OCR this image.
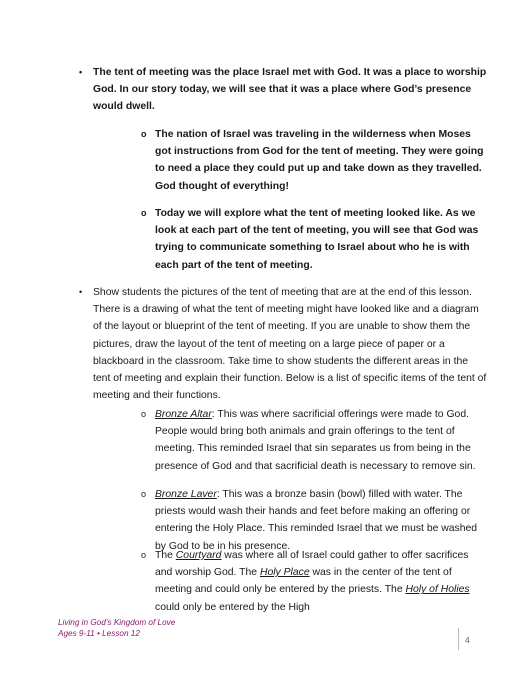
• The tent of meeting was the place Israel met with God. It was a place to worship God. In our story today, we will see that it was a place where God’s presence would dwell.
o The nation of Israel was traveling in the wilderness when Moses got instructions from God for the tent of meeting. They were going to need a place they could put up and take down as they travelled. God thought of everything!
o Today we will explore what the tent of meeting looked like. As we look at each part of the tent of meeting, you will see that God was trying to communicate something to Israel about who he is with each part of the tent of meeting.
• Show students the pictures of the tent of meeting that are at the end of this lesson. There is a drawing of what the tent of meeting might have looked like and a diagram of the layout or blueprint of the tent of meeting. If you are unable to show them the pictures, draw the layout of the tent of meeting on a large piece of paper or a blackboard in the classroom. Take time to show students the different areas in the tent of meeting and explain their function. Below is a list of specific items of the tent of meeting and their functions.
o Bronze Altar: This was where sacrificial offerings were made to God. People would bring both animals and grain offerings to the tent of meeting. This reminded Israel that sin separates us from being in the presence of God and that sacrificial death is necessary to remove sin.
o Bronze Laver: This was a bronze basin (bowl) filled with water. The priests would wash their hands and feet before making an offering or entering the Holy Place. This reminded Israel that we must be washed by God to be in his presence.
o The Courtyard was where all of Israel could gather to offer sacrifices and worship God. The Holy Place was in the center of the tent of meeting and could only be entered by the priests. The Holy of Holies could only be entered by the High
Living in God’s Kingdom of Love
Ages 9-11 • Lesson 12
4
